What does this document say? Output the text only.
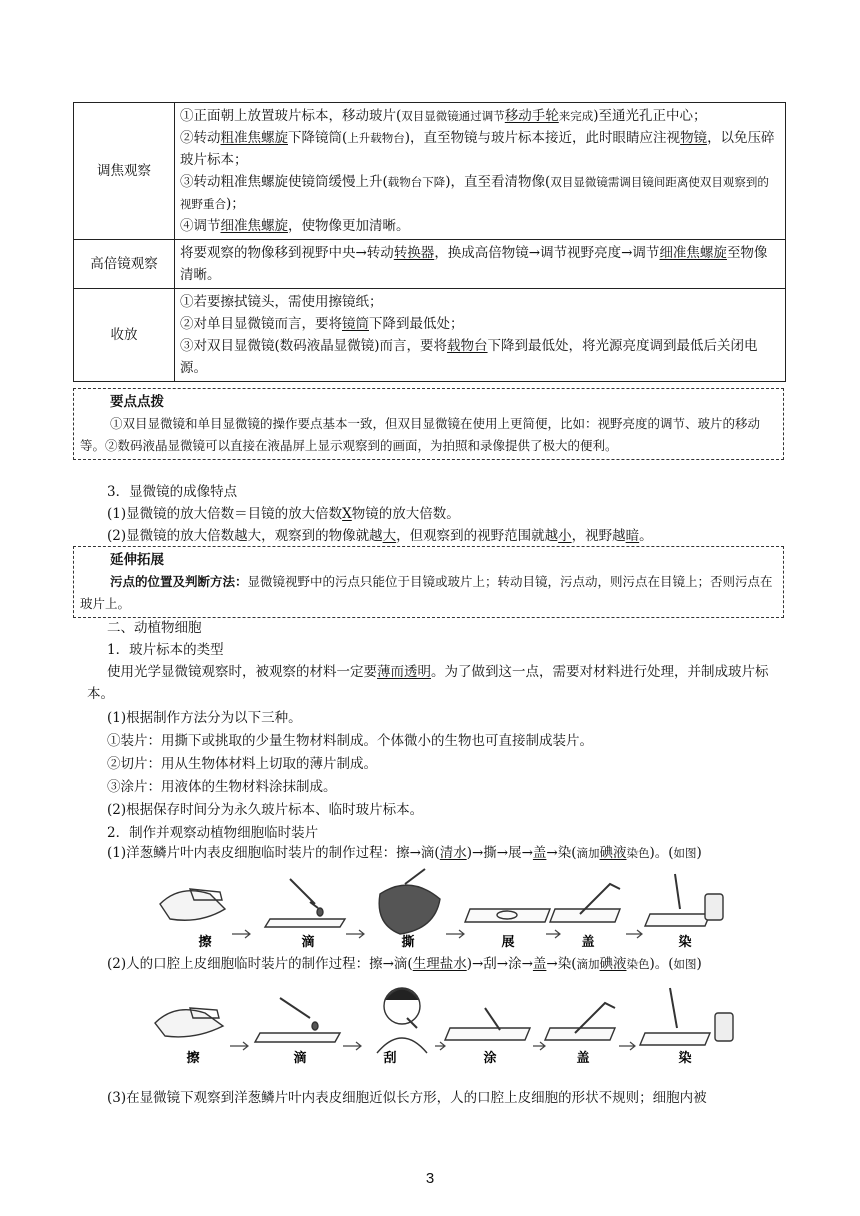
调焦观察	①正面朝上放置玻片标本，移动玻片(双目显微镜通过调节移动手轮来完成)至通光孔正中心；
②转动粗准焦螺旋下降镜筒(上升载物台)，直至物镜与玻片标本接近，此时眼睛应注视物镜，以免压碎玻片标本；
③转动粗准焦螺旋使镜筒缓慢上升(载物台下降)，直至看清物像(双目显微镜需调目镜间距离使双目观察到的视野重合)；
④调节细准焦螺旋，使物像更加清晰。

高倍镜观察	将要观察的物像移到视野中央→转动转换器，换成高倍物镜→调节视野亮度→调节细准焦螺旋至物像清晰。
收放	①若要擦拭镜头，需使用擦镜纸；
②对单目显微镜而言，要将镜筒下降到最低处；
③对双目显微镜(数码液晶显微镜)而言，要将载物台下降到最低处，将光源亮度调到最低后关闭电源。
要点点拨

①双目显微镜和单目显微镜的操作要点基本一致，但双目显微镜在使用上更简便，比如：视野亮度的调节、玻片的移动等。②数码液晶显微镜可以直接在液晶屏上显示观察到的画面，为拍照和录像提供了极大的便利。

3．显微镜的成像特点
(1)显微镜的放大倍数＝目镜的放大倍数X物镜的放大倍数。
(2)显微镜的放大倍数越大，观察到的物像就越大，但观察到的视野范围就越小，视野越暗。
延伸拓展

污点的位置及判断方法：显微镜视野中的污点只能位于目镜或玻片上；转动目镜，污点动，则污点在目镜上；否则污点在玻片上。

二、动植物细胞
1．玻片标本的类型
使用光学显微镜观察时，被观察的材料一定要薄而透明。为了做到这一点，需要对材料进行处理，并制成玻片标本。
(1)根据制作方法分为以下三种。
①装片：用撕下或挑取的少量生物材料制成。个体微小的生物也可直接制成装片。
②切片：用从生物体材料上切取的薄片制成。
③涂片：用液体的生物材料涂抹制成。
(2)根据保存时间分为永久玻片标本、临时玻片标本。
2．制作并观察动植物细胞临时装片
(1)洋葱鳞片叶内表皮细胞临时装片的制作过程：擦→滴(清水)→撕→展→盖→染(滴加碘液染色)。(如图)
擦	滴	撕	展	盖	染
(2)人的口腔上皮细胞临时装片的制作过程：擦→滴(生理盐水)→刮→涂→盖→染(滴加碘液染色)。(如图)
擦	滴	刮	涂	盖	染
(3)在显微镜下观察到洋葱鳞片叶内表皮细胞近似长方形，人的口腔上皮细胞的形状不规则；细胞内被
3
